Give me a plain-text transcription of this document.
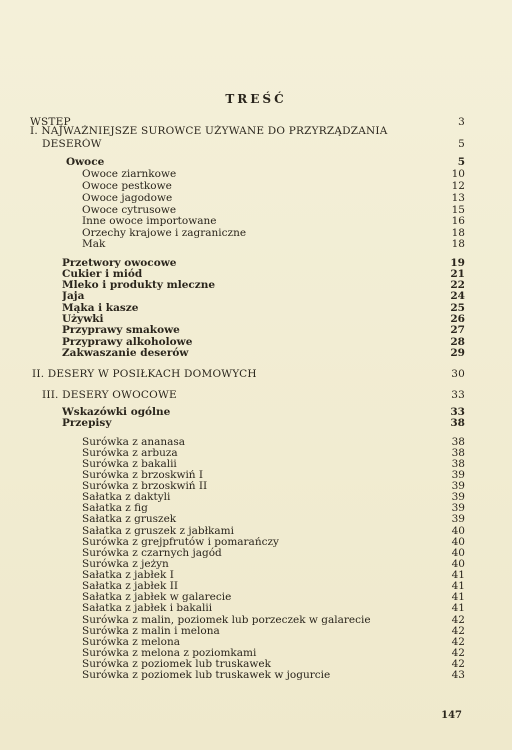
TREŚĆ
WSTĘP	3
I. NAJWAŻNIEJSZE SUROWCE UŻYWANE DO PRZYRZĄDZANIA
DESERÓW	5
Owoce	5
Owoce ziarnkowe	10
Owoce pestkowe	12
Owoce jagodowe	13
Owoce cytrusowe	15
Inne owoce importowane	16
Orzechy krajowe i zagraniczne	18
Mak	18
Przetwory owocowe	19
Cukier i miód	21
Mleko i produkty mleczne	22
Jaja	24
Mąka i kasze	25
Używki	26
Przyprawy smakowe	27
Przyprawy alkoholowe	28
Zakwaszanie deserów	29
II. DESERY W POSIŁKACH DOMOWYCH	30
III. DESERY OWOCOWE	33
Wskazówki ogólne	33
Przepisy	38
Surówka z ananasa	38
Surówka z arbuza	38
Surówka z bakalii	38
Surówka z brzoskwiń I	39
Surówka z brzoskwiń II	39
Sałatka z daktyli	39
Sałatka z fig	39
Sałatka z gruszek	39
Sałatka z gruszek z jabłkami	40
Surówka z grejpfrutów i pomarańczy	40
Surówka z czarnych jagód	40
Surówka z jeżyn	40
Sałatka z jabłek I	41
Sałatka z jabłek II	41
Sałatka z jabłek w galarecie	41
Sałatka z jabłek i bakalii	41
Surówka z malin, poziomek lub porzeczek w galarecie	42
Surówka z malin i melona	42
Surówka z melona	42
Surówka z melona z poziomkami	42
Surówka z poziomek lub truskawek	42
Surówka z poziomek lub truskawek w jogurcie	43
147
